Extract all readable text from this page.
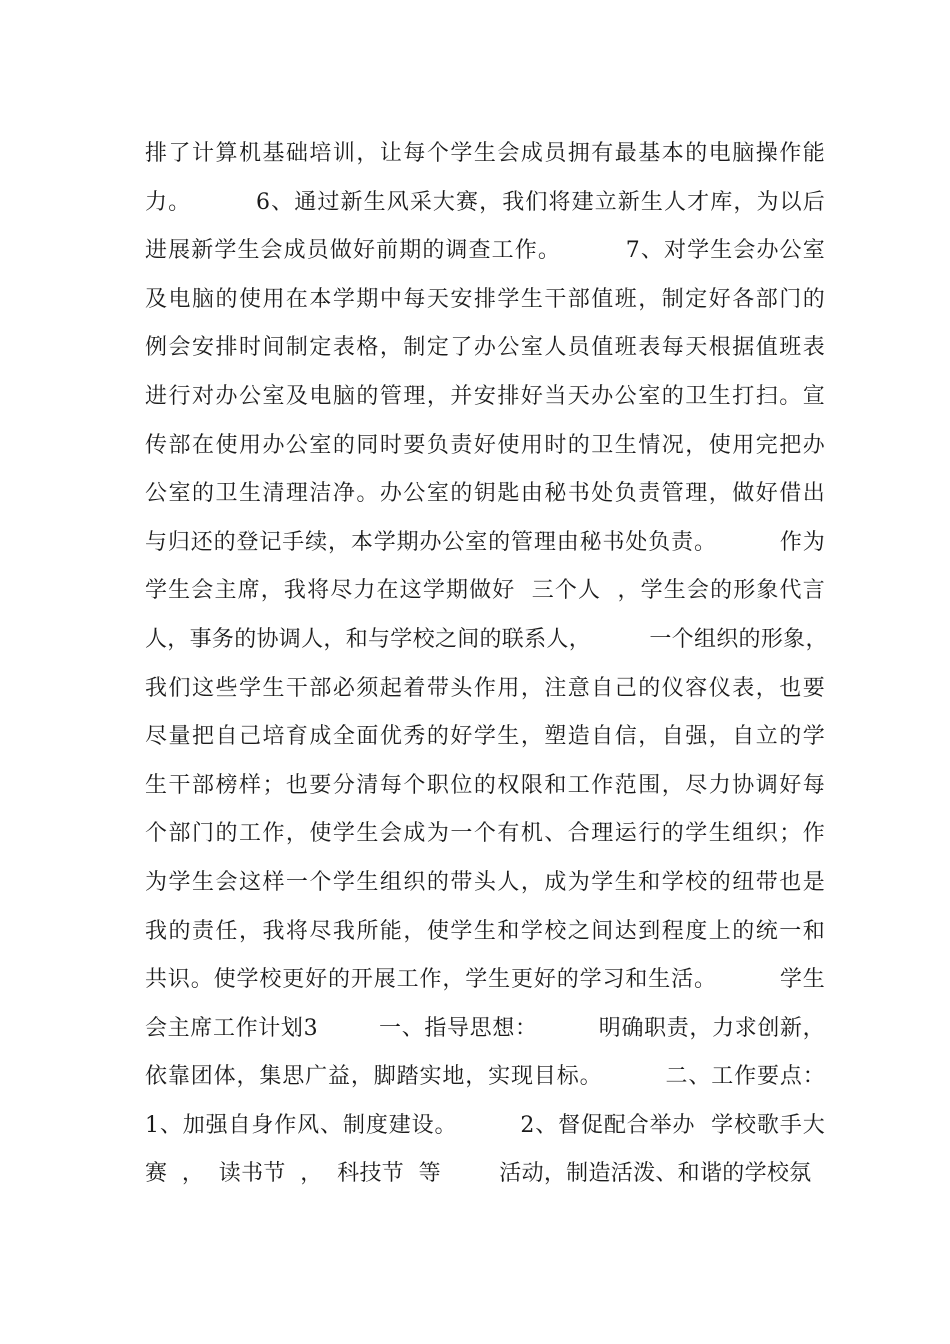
排了计算机基础培训，让每个学生会成员拥有最基本的电脑操作能
力。        6、通过新生风采大赛，我们将建立新生人才库，为以后
进展新学生会成员做好前期的调查工作。        7、对学生会办公室
及电脑的使用在本学期中每天安排学生干部值班，制定好各部门的
例会安排时间制定表格，制定了办公室人员值班表每天根据值班表
进行对办公室及电脑的管理，并安排好当天办公室的卫生打扫。宣
传部在使用办公室的同时要负责好使用时的卫生情况，使用完把办
公室的卫生清理洁净。办公室的钥匙由秘书处负责管理，做好借出
与归还的登记手续，本学期办公室的管理由秘书处负责。        作为
学生会主席，我将尽力在这学期做好  三个人  ，学生会的形象代言
人，事务的协调人，和与学校之间的联系人，        一个组织的形象，
我们这些学生干部必须起着带头作用，注意自己的仪容仪表，也要
尽量把自己培育成全面优秀的好学生，塑造自信，自强，自立的学
生干部榜样；也要分清每个职位的权限和工作范围，尽力协调好每
个部门的工作，使学生会成为一个有机、合理运行的学生组织；作
为学生会这样一个学生组织的带头人，成为学生和学校的纽带也是
我的责任，我将尽我所能，使学生和学校之间达到程度上的统一和
共识。使学校更好的开展工作，学生更好的学习和生活。        学生
会主席工作计划3        一、指导思想：        明确职责，力求创新，
依靠团体，集思广益，脚踏实地，实现目标。        二、工作要点：
1、加强自身作风、制度建设。        2、督促配合举办  学校歌手大
赛  ，  读书节  ，  科技节  等        活动，制造活泼、和谐的学校氛
